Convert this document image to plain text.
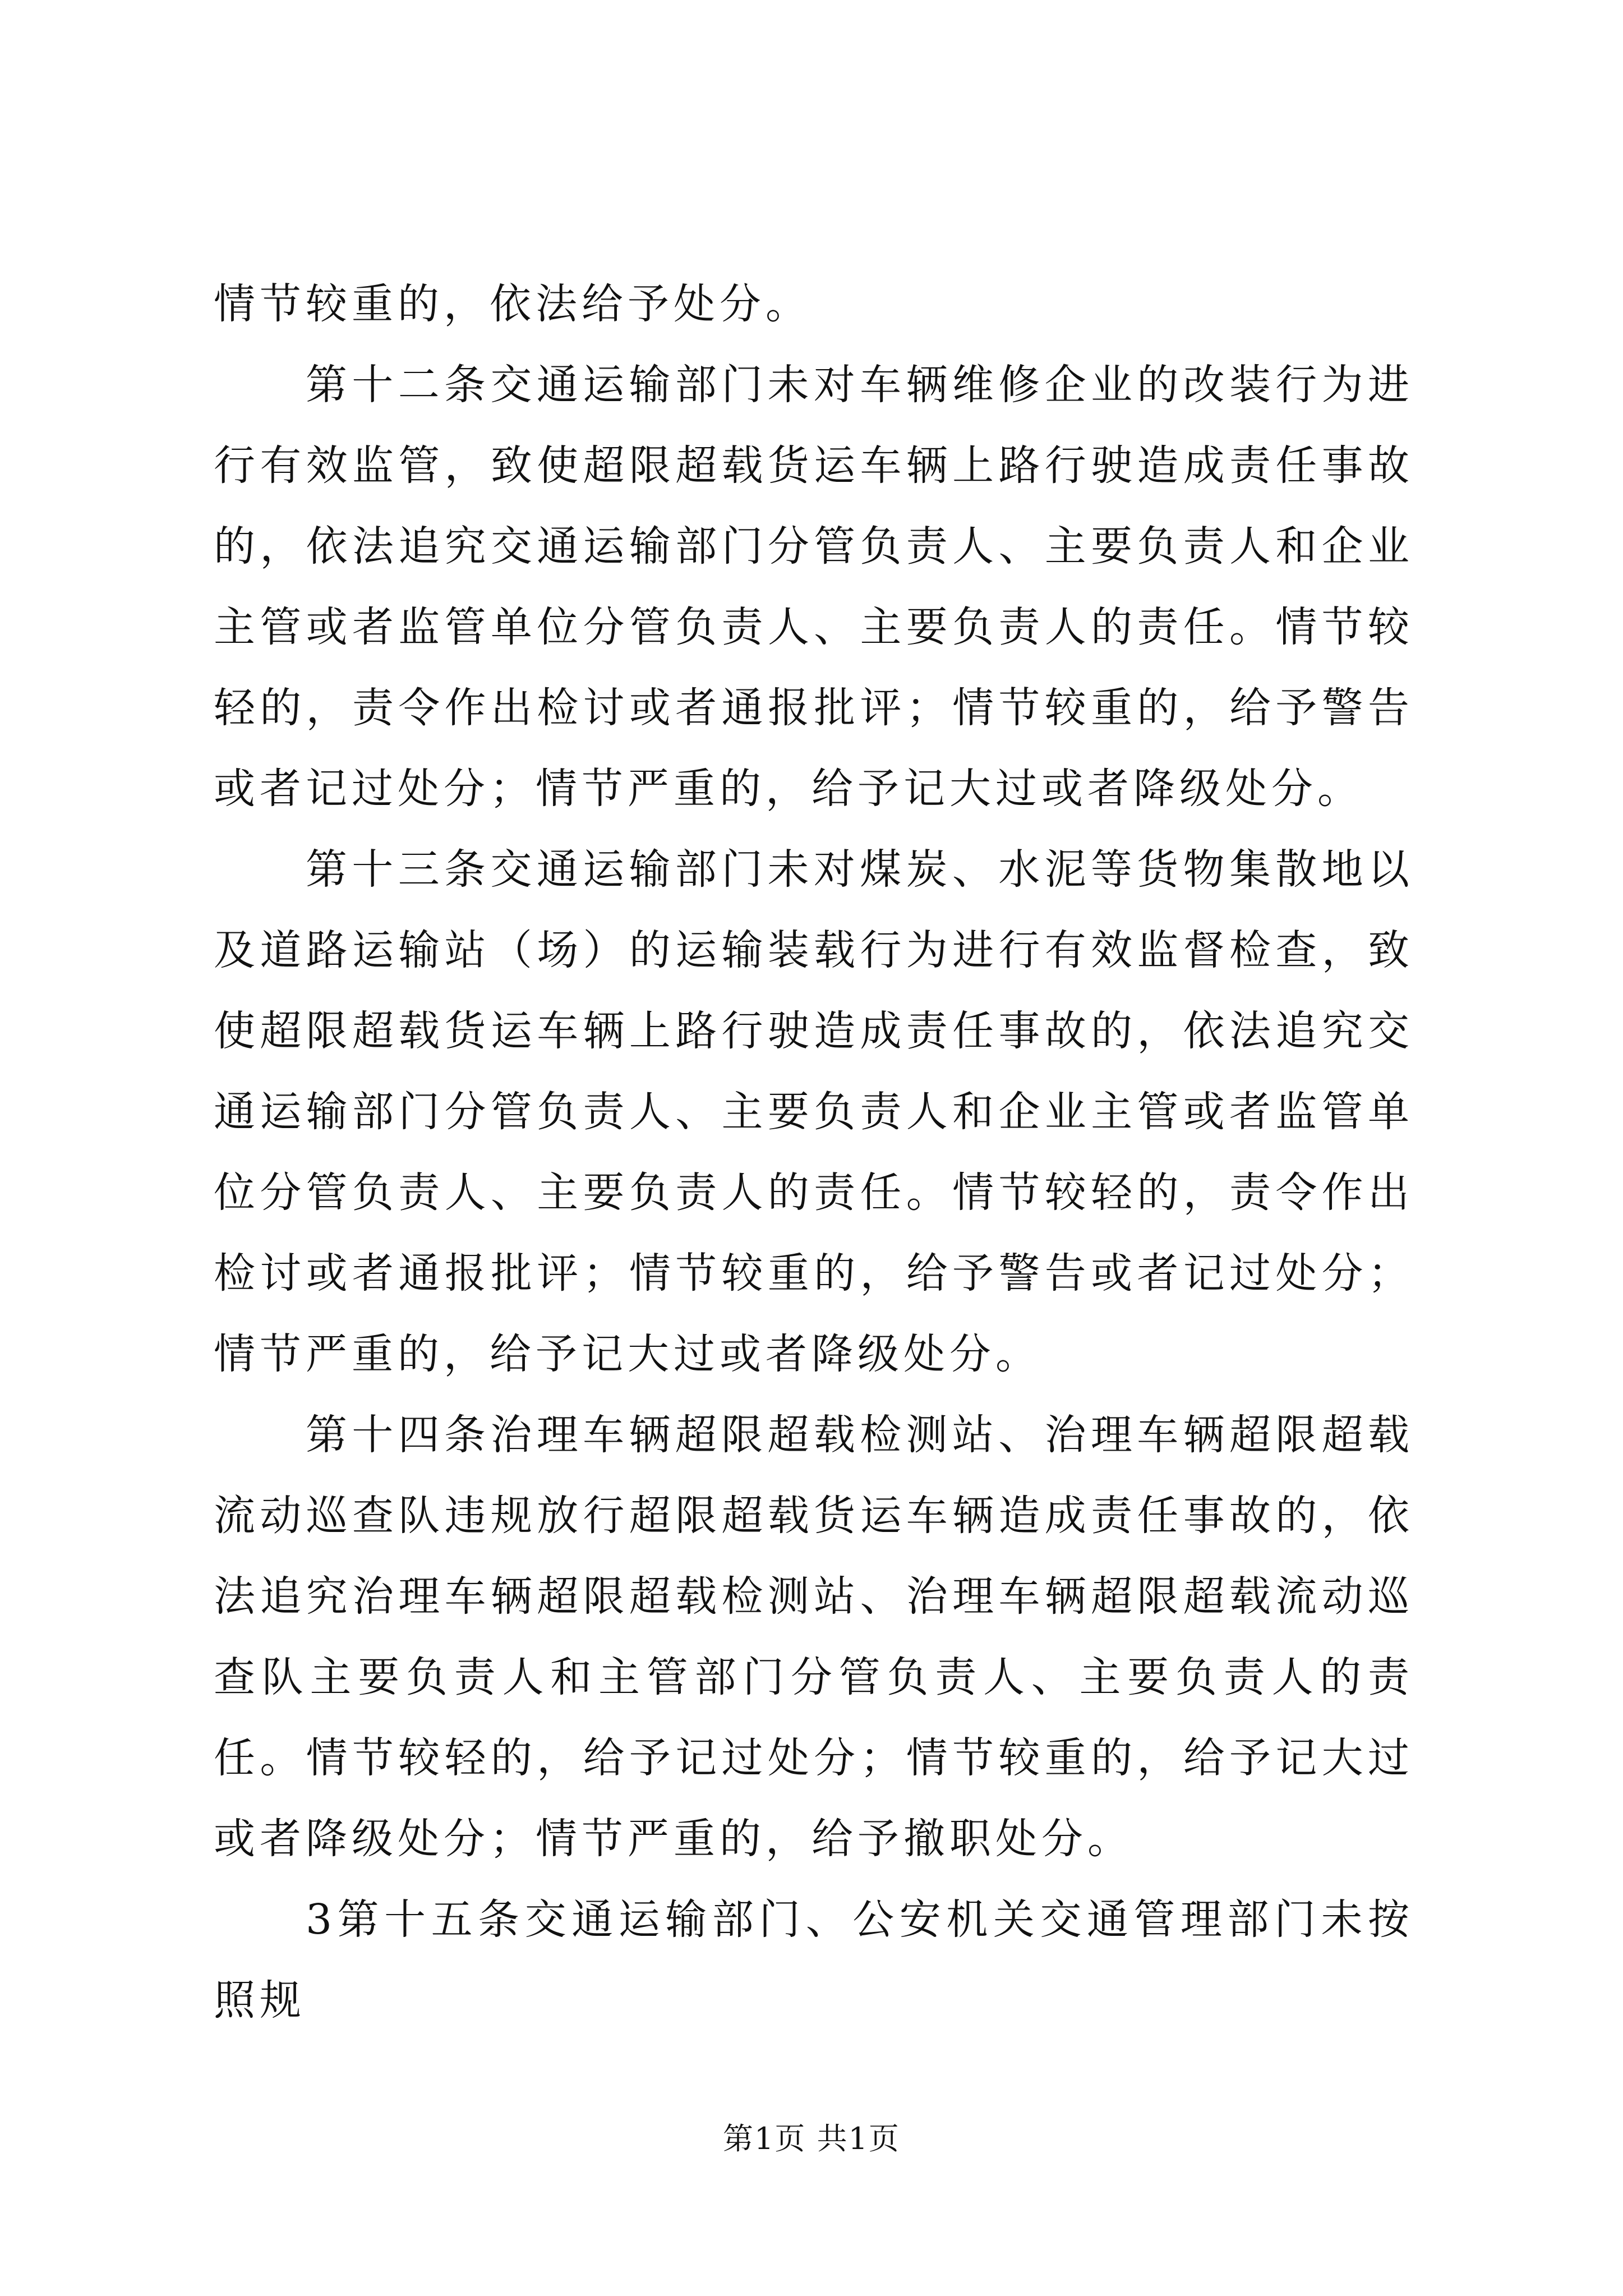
情节较重的，依法给予处分。

第十二条交通运输部门未对车辆维修企业的改装行为进行有效监管，致使超限超载货运车辆上路行驶造成责任事故的，依法追究交通运输部门分管负责人、主要负责人和企业主管或者监管单位分管负责人、主要负责人的责任。情节较轻的，责令作出检讨或者通报批评；情节较重的，给予警告或者记过处分；情节严重的，给予记大过或者降级处分。

第十三条交通运输部门未对煤炭、水泥等货物集散地以及道路运输站（场）的运输装载行为进行有效监督检查，致使超限超载货运车辆上路行驶造成责任事故的，依法追究交通运输部门分管负责人、主要负责人和企业主管或者监管单位分管负责人、主要负责人的责任。情节较轻的，责令作出检讨或者通报批评；情节较重的，给予警告或者记过处分；情节严重的，给予记大过或者降级处分。

第十四条治理车辆超限超载检测站、治理车辆超限超载流动巡查队违规放行超限超载货运车辆造成责任事故的，依法追究治理车辆超限超载检测站、治理车辆超限超载流动巡查队主要负责人和主管部门分管负责人、主要负责人的责任。情节较轻的，给予记过处分；情节较重的，给予记大过或者降级处分；情节严重的，给予撤职处分。

3第十五条交通运输部门、公安机关交通管理部门未按照规

第1页 共1页
